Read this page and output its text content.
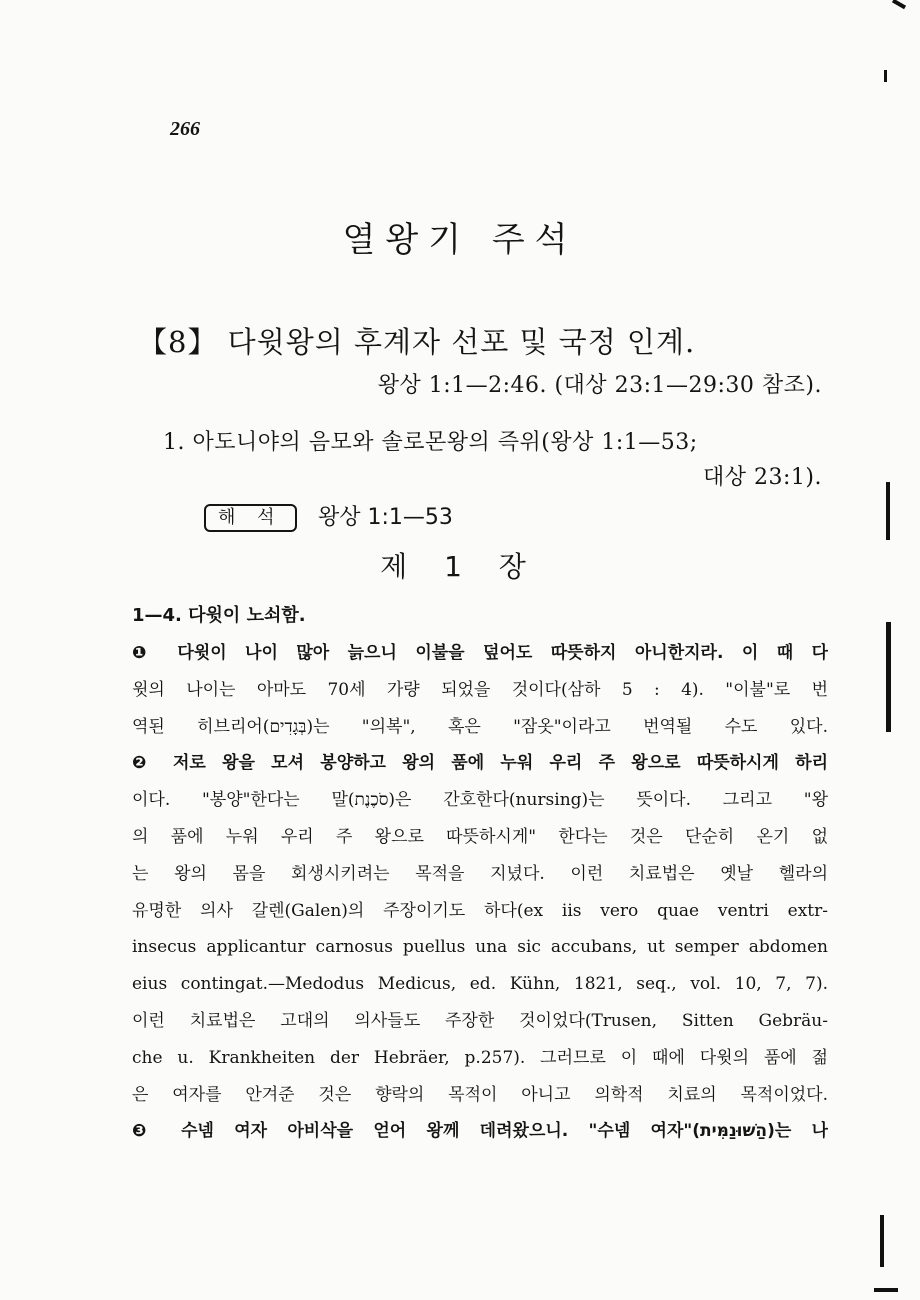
266
열왕기 주석
【8】 다윗왕의 후계자 선포 및 국정 인계.
왕상 1:1—2:46. (대상 23:1—29:30 참조).
1. 아도니야의 음모와 솔로몬왕의 즉위(왕상 1:1—53;
대상 23:1).
해 석	왕상 1:1—53
제 1 장
1—4. 다윗이 노쇠함.
❶ 다윗이 나이 많아 늙으니 이불을 덮어도 따뜻하지 아니한지라. 이 때 다
윗의 나이는 아마도 70세 가량 되었을 것이다(삼하 5 : 4). "이불"로 번
역된 히브리어(בְּגָדִים)는 "의복", 혹은 "잠옷"이라고 번역될 수도 있다.
❷ 저로 왕을 모셔 봉양하고 왕의 품에 누워 우리 주 왕으로 따뜻하시게 하리
이다. "봉양"한다는 말(סֹכֶנֶת)은 간호한다(nursing)는 뜻이다. 그리고 "왕
의 품에 누워 우리 주 왕으로 따뜻하시게" 한다는 것은 단순히 온기 없
는 왕의 몸을 회생시키려는 목적을 지녔다. 이런 치료법은 옛날 헬라의
유명한 의사 갈렌(Galen)의 주장이기도 하다(ex iis vero quae ventri extr-
insecus applicantur carnosus puellus una sic accubans, ut semper abdomen
eius contingat.—Medodus Medicus, ed. Kühn, 1821, seq., vol. 10, 7, 7).
이런 치료법은 고대의 의사들도 주장한 것이었다(Trusen, Sitten Gebräu-
che u. Krankheiten der Hebräer, p.257). 그러므로 이 때에 다윗의 품에 젊
은 여자를 안겨준 것은 향락의 목적이 아니고 의학적 치료의 목적이었다.
❸ 수넴 여자 아비삭을 얻어 왕께 데려왔으니. "수넴 여자"(הַשּׁוּנַמִּית)는 나
